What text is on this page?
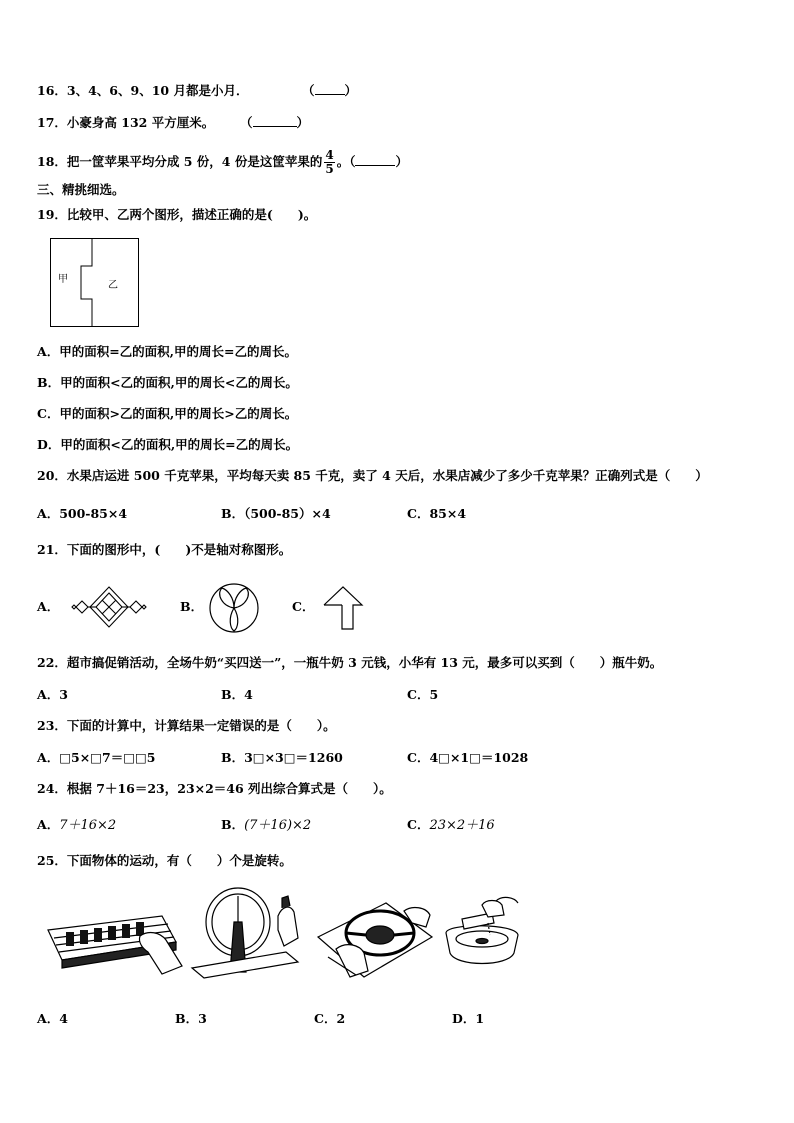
16．3、4、6、9、10 月都是小月．	（ ）
17．小豪身高 132 平方厘米。 （	）
18．把一筐苹果平均分成 5 份，4 份是这筐苹果的 $\frac{4}{5}$ 。（	）
三、精挑细选。
19．比较甲、乙两个图形，描述正确的是(　　)。
甲
乙
A．甲的面积=乙的面积,甲的周长=乙的周长。
B．甲的面积<乙的面积,甲的周长<乙的周长。
C．甲的面积>乙的面积,甲的周长>乙的周长。
D．甲的面积<乙的面积,甲的周长=乙的周长。
20．水果店运进 500 千克苹果，平均每天卖 85 千克，卖了 4 天后，水果店减少了多少千克苹果？正确列式是（　　）
A．500-85×4	B．（500-85）×4	C．85×4
21．下面的图形中，(　　)不是轴对称图形。
A．	B．	C．
22．超市搞促销活动，全场牛奶“买四送一”，一瓶牛奶 3 元钱，小华有 13 元，最多可以买到（　　）瓶牛奶。
A．3	B．4	C．5
23．下面的计算中，计算结果一定错误的是（　　）。
A．□5×□7＝□□5	B．3□×3□＝1260	C．4□×1□＝1028
24．根据 7＋16＝23，23×2＝46 列出综合算式是（　　）。
A．7＋16×2	B．(7＋16)×2	C．23×2＋16
25．下面物体的运动，有（　　）个是旋转。
A．4	B．3	C．2	D．1
